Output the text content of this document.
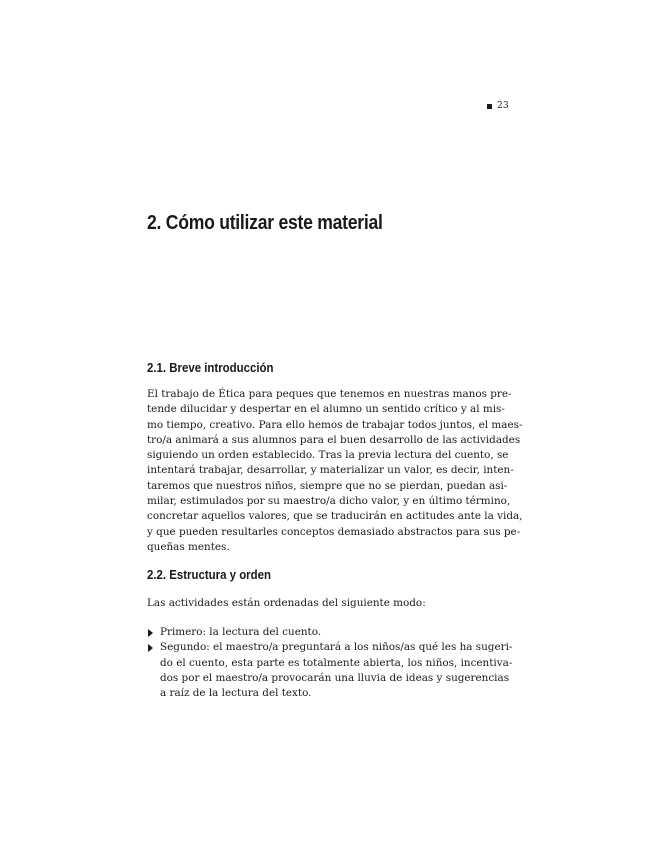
23
2. Cómo utilizar este material
2.1. Breve introducción

El trabajo de Ética para peques que tenemos en nuestras manos pre-
tende dilucidar y despertar en el alumno un sentido crítico y al mis-
mo tiempo, creativo. Para ello hemos de trabajar todos juntos, el maes-
tro/a animará a sus alumnos para el buen desarrollo de las actividades
siguiendo un orden establecido. Tras la previa lectura del cuento, se
intentará trabajar, desarrollar, y materializar un valor, es decir, inten-
taremos que nuestros niños, siempre que no se pierdan, puedan asi-
milar, estimulados por su maestro/a dicho valor, y en último término,
concretar aquellos valores, que se traducirán en actitudes ante la vida,
y que pueden resultarles conceptos demasiado abstractos para sus pe-
queñas mentes.

2.2. Estructura y orden

Las actividades están ordenadas del siguiente modo:

Primero: la lectura del cuento.
Segundo: el maestro/a preguntará a los niños/as qué les ha sugeri-
do el cuento, esta parte es totalmente abierta, los niños, incentiva-
dos por el maestro/a provocarán una lluvia de ideas y sugerencias
a raíz de la lectura del texto.
